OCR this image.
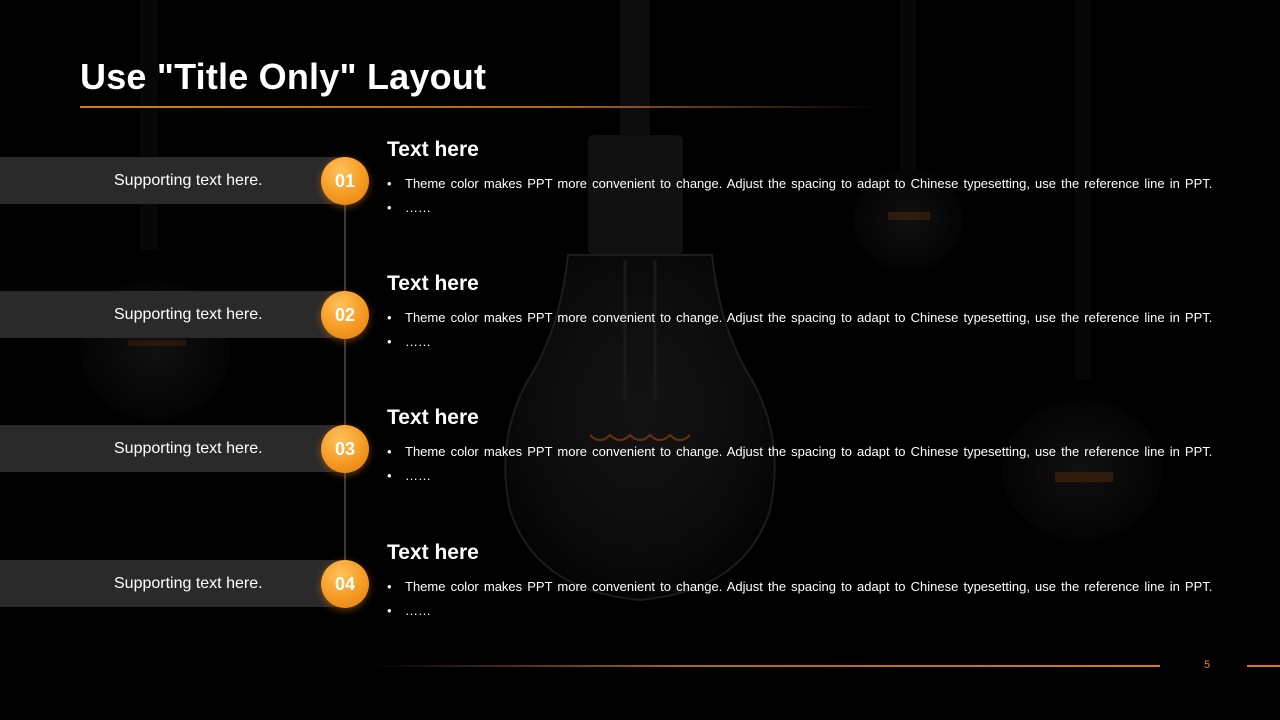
Use "Title Only" Layout
Supporting text here.	01
Text here
• Theme color makes PPT more convenient to change. Adjust the spacing to adapt to Chinese typesetting, use the reference line in PPT.
• ……
Supporting text here.	02
Text here
• Theme color makes PPT more convenient to change. Adjust the spacing to adapt to Chinese typesetting, use the reference line in PPT.
• ……
Supporting text here.	03
Text here
• Theme color makes PPT more convenient to change. Adjust the spacing to adapt to Chinese typesetting, use the reference line in PPT.
• ……
Supporting text here.	04
Text here
• Theme color makes PPT more convenient to change. Adjust the spacing to adapt to Chinese typesetting, use the reference line in PPT.
• ……
5
